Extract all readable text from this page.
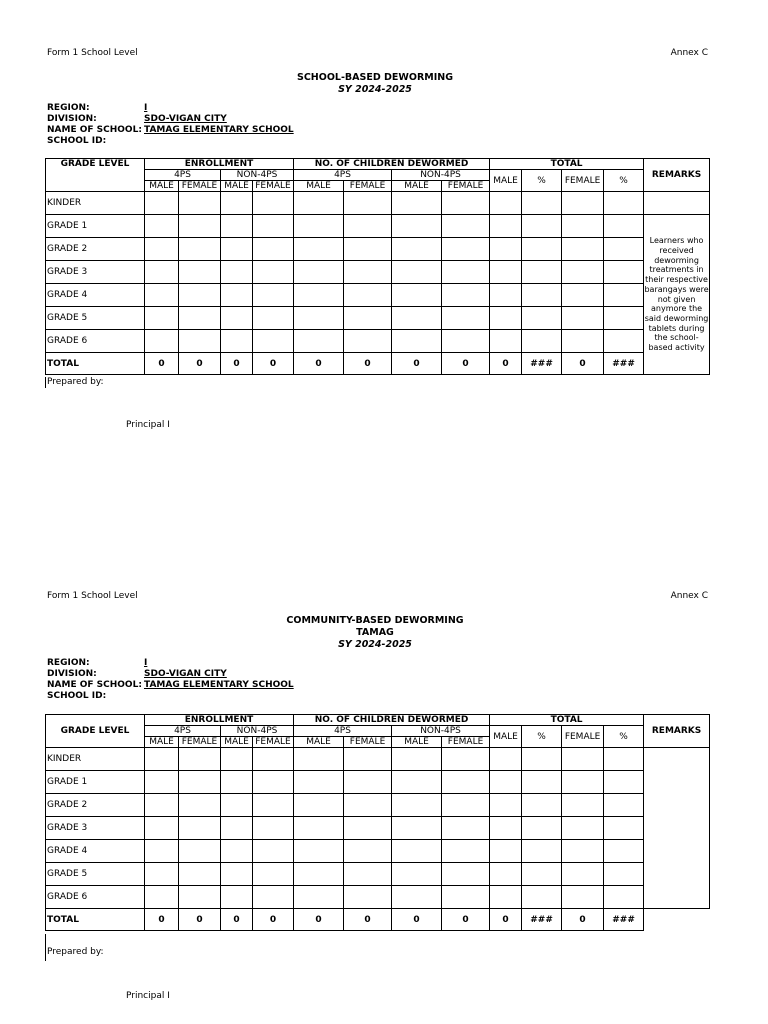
Form 1 School Level	Annex C
SCHOOL-BASED DEWORMING
SY 2024-2025
REGION:	I
DIVISION:	SDO-VIGAN CITY
NAME OF SCHOOL: TAMAG ELEMENTARY SCHOOL
SCHOOL ID:
GRADE LEVEL	ENROLLMENT				NO. OF CHILDREN DEWORMED				TOTAL				REMARKS
	4PS		NON-4PS		4PS		NON-4PS		MALE	%	FEMALE	%	
	MALE	FEMALE	MALE	FEMALE	MALE	FEMALE	MALE	FEMALE					
KINDER													
GRADE 1													Learners who received deworming treatments in their respective barangays were not given anymore the said deworming tablets during the school-based activity
GRADE 2													
GRADE 3													
GRADE 4													
GRADE 5													
GRADE 6													
TOTAL	0	0	0	0	0	0	0	0	0	###	0	###	
Prepared by:
Principal I
Form 1 School Level	Annex C
COMMUNITY-BASED DEWORMING
TAMAG
SY 2024-2025
REGION:	I
DIVISION:	SDO-VIGAN CITY
NAME OF SCHOOL: TAMAG ELEMENTARY SCHOOL
SCHOOL ID:
GRADE LEVEL	ENROLLMENT				NO. OF CHILDREN DEWORMED				TOTAL				REMARKS
	4PS		NON-4PS		4PS		NON-4PS		MALE	%	FEMALE	%	
	MALE	FEMALE	MALE	FEMALE	MALE	FEMALE	MALE	FEMALE					
KINDER													
GRADE 1													
GRADE 2													
GRADE 3													
GRADE 4													
GRADE 5													
GRADE 6													
TOTAL	0	0	0	0	0	0	0	0	0	###	0	###	
Prepared by:
Principal I
